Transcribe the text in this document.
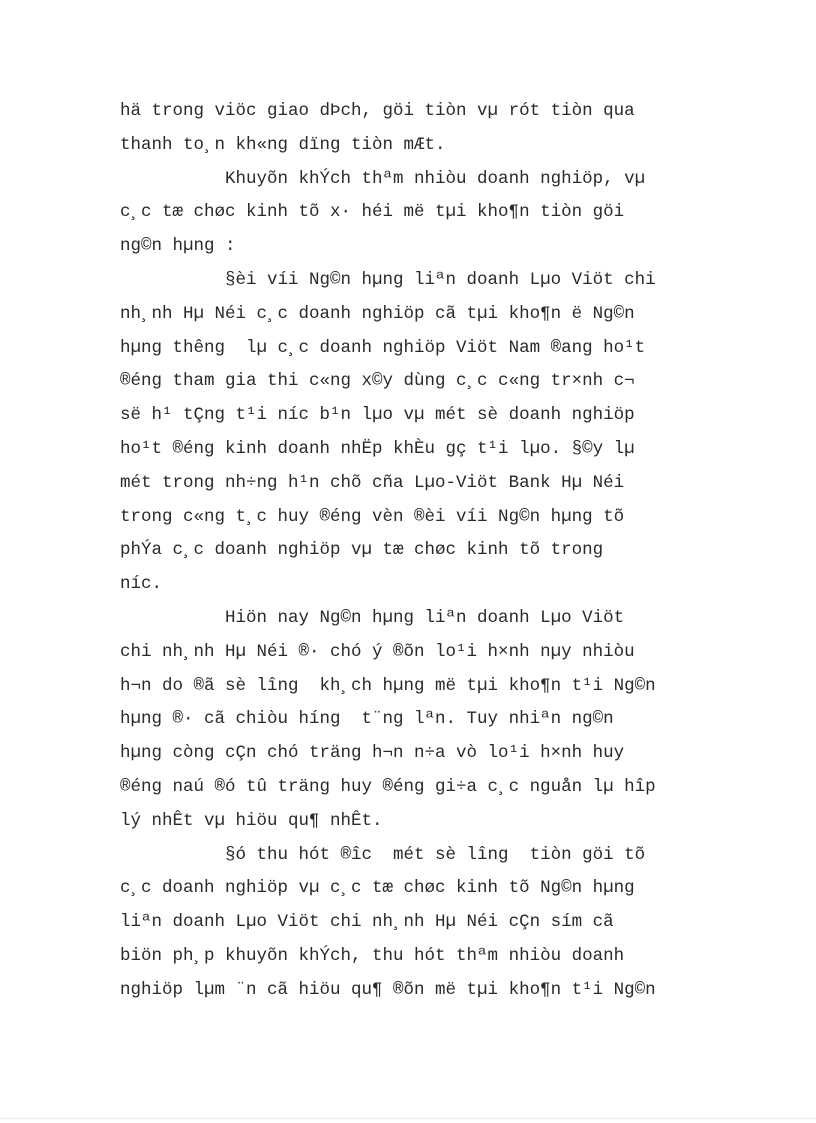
hä trong viöc giao dÞch, göi tiòn vµ rót tiòn qua
thanh to¸n kh«ng dïng tiòn mÆt.
Khuyõn khÝch thªm nhiòu doanh nghiöp, vµ
c¸c tæ chøc kinh tõ x· héi më tµi kho¶n tiòn göi
ng©n hµng :
§èi víi Ng©n hµng liªn doanh Lµo Viöt chi
nh¸nh Hµ Néi c¸c doanh nghiöp cã tµi kho¶n ë Ng©n
hµng thêng  lµ c¸c doanh nghiöp Viöt Nam ®ang ho¹t
®éng tham gia thi c«ng x©y dùng c¸c c«ng tr×nh c¬
së h¹ tÇng t¹i níc b¹n lµo vµ mét sè doanh nghiöp
ho¹t ®éng kinh doanh nhËp khÈu gç t¹i lµo. §©y lµ
mét trong nh÷ng h¹n chõ cña Lµo-Viöt Bank Hµ Néi
trong c«ng t¸c huy ®éng vèn ®èi víi Ng©n hµng tõ
phÝa c¸c doanh nghiöp vµ tæ chøc kinh tõ trong
níc.
Hiön nay Ng©n hµng liªn doanh Lµo Viöt
chi nh¸nh Hµ Néi ®· chó ý ®õn lo¹i h×nh nµy nhiòu
h¬n do ®ã sè lîng  kh¸ch hµng më tµi kho¶n t¹i Ng©n
hµng ®· cã chiòu híng  t¨ng lªn. Tuy nhiªn ng©n
hµng còng cÇn chó träng h¬n n÷a vò lo¹i h×nh huy
®éng naú ®ó tû träng huy ®éng gi÷a c¸c nguån lµ hîp
lý nhÊt vµ hiöu qu¶ nhÊt.
§ó thu hót ®îc  mét sè lîng  tiòn göi tõ
c¸c doanh nghiöp vµ c¸c tæ chøc kinh tõ Ng©n hµng
liªn doanh Lµo Viöt chi nh¸nh Hµ Néi cÇn sím cã
biön ph¸p khuyõn khÝch, thu hót thªm nhiòu doanh
nghiöp lµm ¨n cã hiöu qu¶ ®õn më tµi kho¶n t¹i Ng©n
